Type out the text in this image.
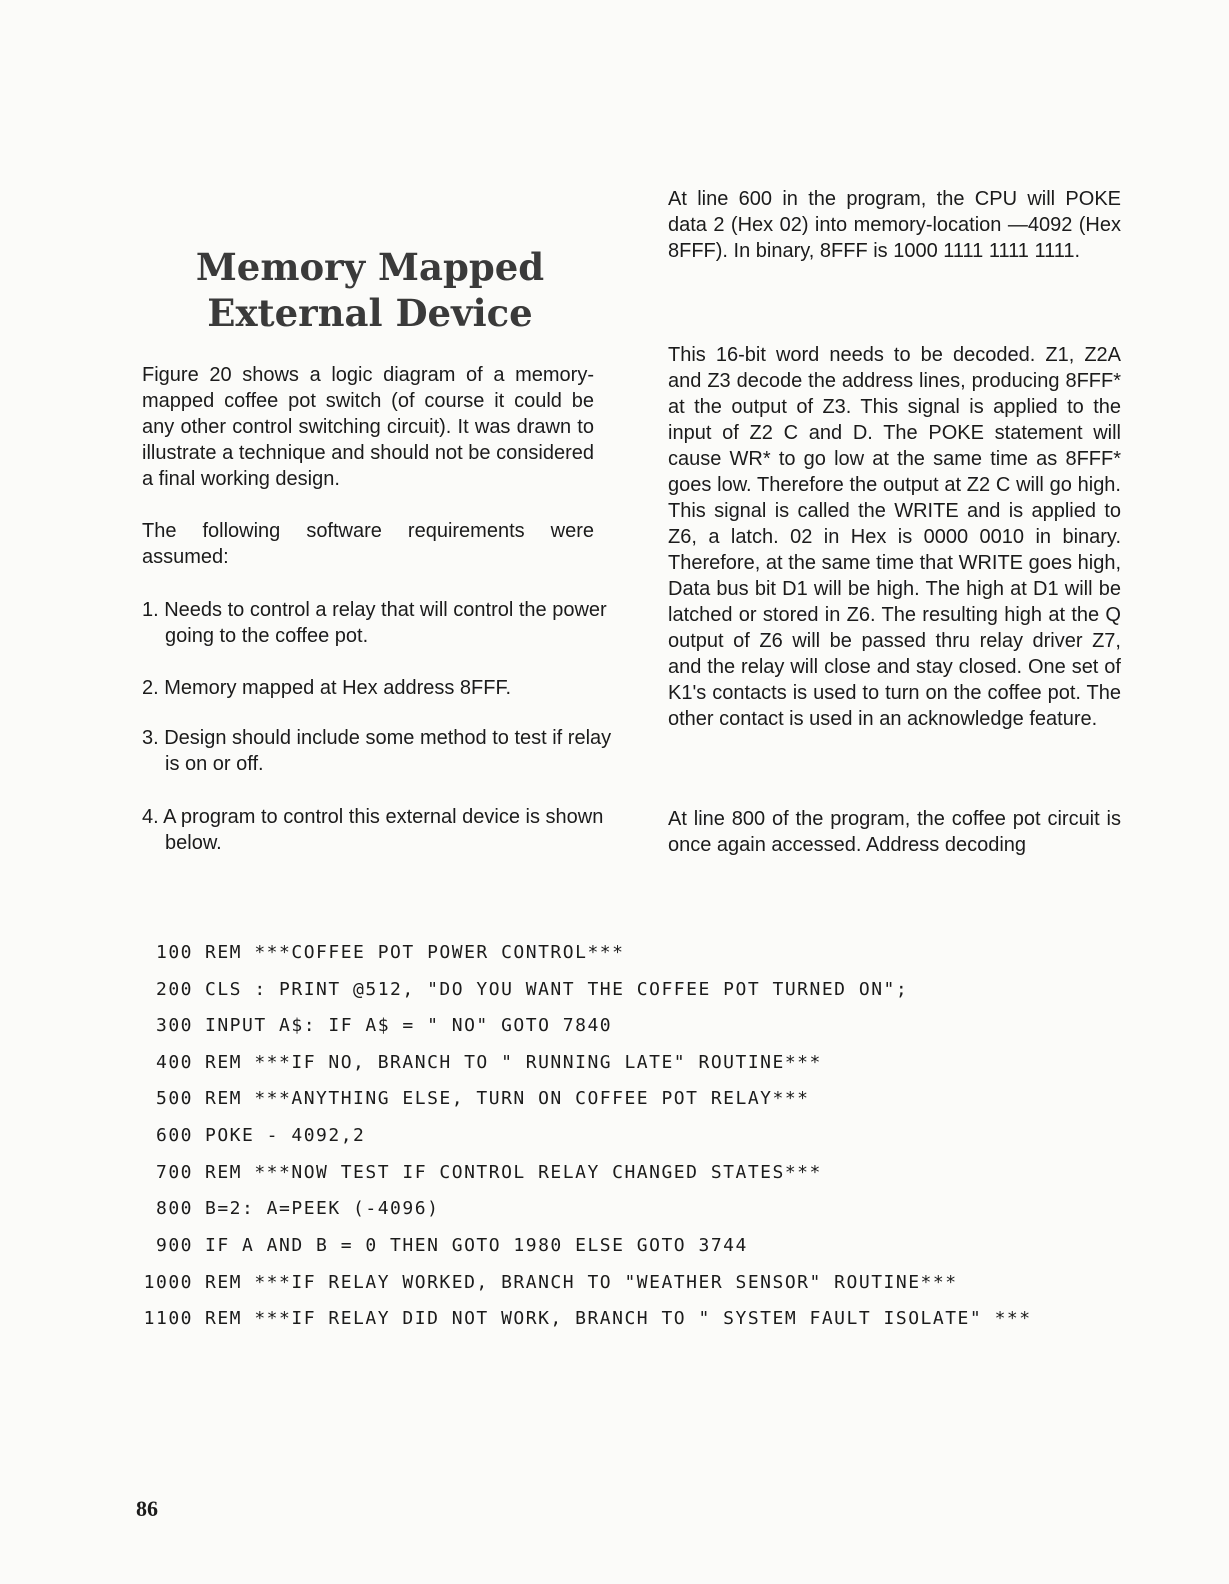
Memory Mapped
External Device

Figure 20 shows a logic diagram of a memory-mapped coffee pot switch (of course it could be any other control switching circuit). It was drawn to illustrate a technique and should not be considered a final working design.

The following software requirements were assumed:

1. Needs to control a relay that will control the power going to the coffee pot.
2. Memory mapped at Hex address 8FFF.
3. Design should include some method to test if relay is on or off.
4. A program to control this external device is shown below.

At line 600 in the program, the CPU will POKE data 2 (Hex 02) into memory-location —4092 (Hex 8FFF). In binary, 8FFF is 1000 1111 1111 1111.

This 16-bit word needs to be decoded. Z1, Z2A and Z3 decode the address lines, producing 8FFF* at the output of Z3. This signal is applied to the input of Z2 C and D. The POKE statement will cause WR* to go low at the same time as 8FFF* goes low. Therefore the output at Z2 C will go high. This signal is called the WRITE and is applied to Z6, a latch. 02 in Hex is 0000 0010 in binary. Therefore, at the same time that WRITE goes high, Data bus bit D1 will be high. The high at D1 will be latched or stored in Z6. The resulting high at the Q output of Z6 will be passed thru relay driver Z7, and the relay will close and stay closed. One set of K1's contacts is used to turn on the coffee pot. The other contact is used in an acknowledge feature.

At line 800 of the program, the coffee pot circuit is once again accessed. Address decoding

100 REM ***COFFEE POT POWER CONTROL***
200 CLS : PRINT @512, "DO YOU WANT THE COFFEE POT TURNED ON";
300 INPUT A$: IF A$ = " NO" GOTO 7840
400 REM ***IF NO, BRANCH TO " RUNNING LATE" ROUTINE***
500 REM ***ANYTHING ELSE, TURN ON COFFEE POT RELAY***
600 POKE - 4092,2
700 REM ***NOW TEST IF CONTROL RELAY CHANGED STATES***
800 B=2: A=PEEK (-4096)
900 IF A AND B = 0 THEN GOTO 1980 ELSE GOTO 3744
1000 REM ***IF RELAY WORKED, BRANCH TO "WEATHER SENSOR" ROUTINE***
1100 REM ***IF RELAY DID NOT WORK, BRANCH TO " SYSTEM FAULT ISOLATE" ***
86
